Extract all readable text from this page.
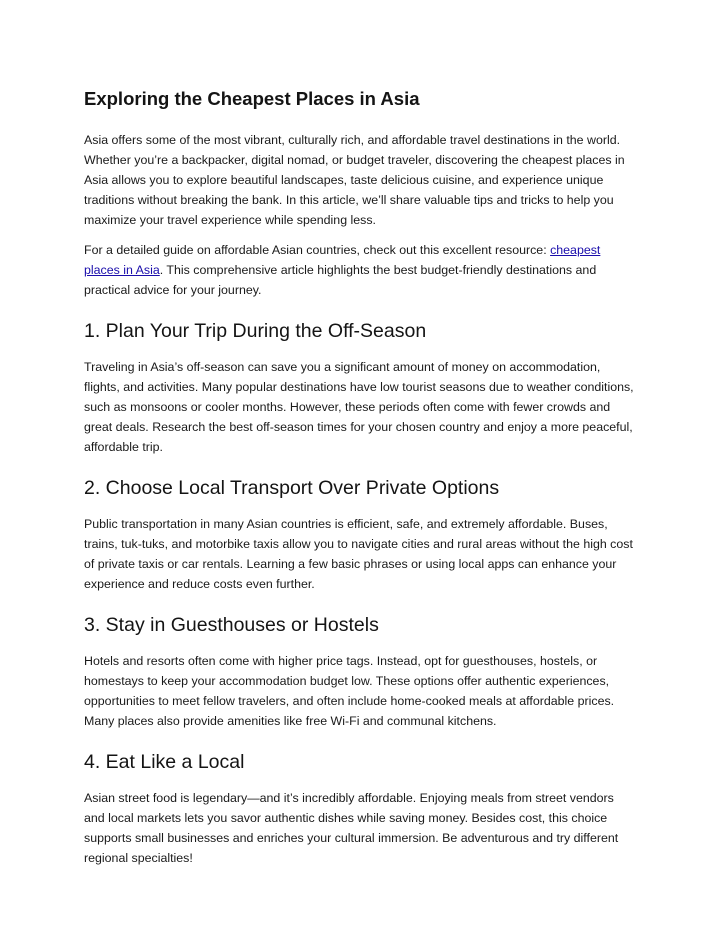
Exploring the Cheapest Places in Asia

Asia offers some of the most vibrant, culturally rich, and affordable travel destinations in the world. Whether you’re a backpacker, digital nomad, or budget traveler, discovering the cheapest places in Asia allows you to explore beautiful landscapes, taste delicious cuisine, and experience unique traditions without breaking the bank. In this article, we’ll share valuable tips and tricks to help you maximize your travel experience while spending less.

For a detailed guide on affordable Asian countries, check out this excellent resource: cheapest places in Asia. This comprehensive article highlights the best budget-friendly destinations and practical advice for your journey.

1. Plan Your Trip During the Off-Season

Traveling in Asia’s off-season can save you a significant amount of money on accommodation, flights, and activities. Many popular destinations have low tourist seasons due to weather conditions, such as monsoons or cooler months. However, these periods often come with fewer crowds and great deals. Research the best off-season times for your chosen country and enjoy a more peaceful, affordable trip.

2. Choose Local Transport Over Private Options

Public transportation in many Asian countries is efficient, safe, and extremely affordable. Buses, trains, tuk-tuks, and motorbike taxis allow you to navigate cities and rural areas without the high cost of private taxis or car rentals. Learning a few basic phrases or using local apps can enhance your experience and reduce costs even further.

3. Stay in Guesthouses or Hostels

Hotels and resorts often come with higher price tags. Instead, opt for guesthouses, hostels, or homestays to keep your accommodation budget low. These options offer authentic experiences, opportunities to meet fellow travelers, and often include home-cooked meals at affordable prices. Many places also provide amenities like free Wi-Fi and communal kitchens.

4. Eat Like a Local

Asian street food is legendary—and it’s incredibly affordable. Enjoying meals from street vendors and local markets lets you savor authentic dishes while saving money. Besides cost, this choice supports small businesses and enriches your cultural immersion. Be adventurous and try different regional specialties!
